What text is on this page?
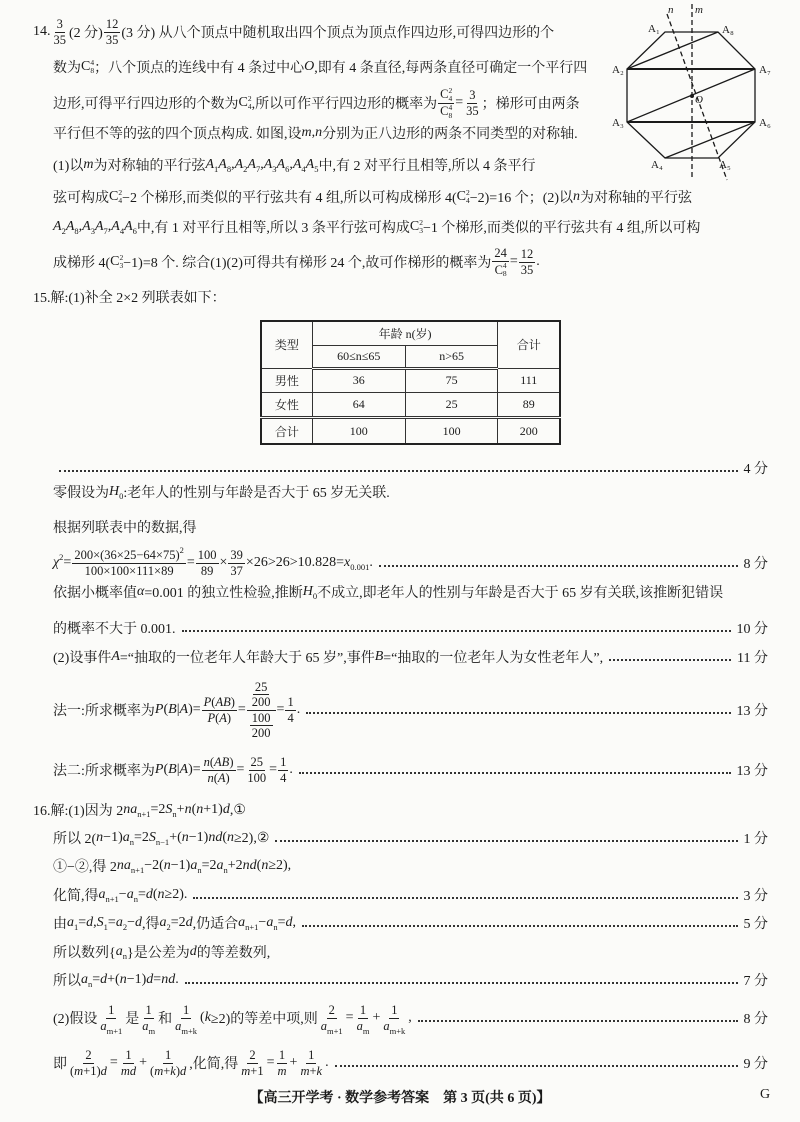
A₁	A₈
A₂	A₇
A₃	A₆
A₄	A₅
O
n m
14. $\frac{3}{35} (2$ 分) $\frac{12}{35} (3$ 分) 从八个顶点中随机取出四个顶点为顶点作四边形,可得四边形的个
数为 C 4
8 ；八个顶点的连线中有 4 条过中心 O ,即有 4 条直径,每两条直径可确定一个平行四
边形,可得平行四边形的个数为 C 2
4 ,所以可作平行四边形的概率为 C 2
4
C 4
$8 = \frac{3}{35}$ ；梯形可由两条
平行但不等的弦的四个顶点构成. 如图,设 m , n 分别为正八边形的两条不同类型的对称轴.
(1)以 m 为对称轴的平行弦 A 1 A 8 , A 2 A 7 , A 3 A 6 , A 4 A 5 中,有 2 对平行且相等,所以 4 条平行
弦可构成 C 2
4 −2 个梯形,而类似的平行弦共有 4 组,所以可构成梯形 4( C 2
4 −2)=16 个；(2)以 n 为对称轴的平行弦
A 2 A 8 , A 3 A 7 , A 4 A 6 中,有 1 对平行且相等,所以 3 条平行弦可构成 C 2
3 −1 个梯形,而类似的平行弦共有 4 组,所以可构
成梯形 4( C 2
3 −1)=8 个. 综合(1)(2)可得共有梯形 24 个,故可作梯形的概率为 24
C 4
$8 = \frac{12}{35}$ .
15.解:(1)补全 2×2 列联表如下：
类型	年龄 n(岁)		合计
	60≤n≤65	n>65	
男性	36	75	111
女性	64	25	89
合计	100	100	200
4 分
零假设为 H 0 :老年人的性别与年龄是否大于 65 岁无关联.
根据列联表中的数据,得
χ $2 = \frac{200\times(36\times 25-64\times 75)^2}{100\times 100\times 111\times 89} = \frac{100}{89} \times \frac{39}{37} \times 26>26>10.828= x$ 0.001 .	8 分
依据小概率值 α =0.001 的独立性检验,推断 H 0 不成立,即老年人的性别与年龄是否大于 65 岁有关联,该推断犯错误
的概率不大于 0.001.	10 分
(2)设事件 A =“抽取的一位老年人年龄大于 65 岁”,事件 B =“抽取的一位老年人为女性老年人”,	11 分
法一:所求概率为 P ( B | A )= $\frac{P(AB)}{P(A)} = \frac{\frac{25}{200}}{\frac{100}{200}} = \frac{1}{4}$ .	13 分
法二:所求概率为 P ( B | A )= $\frac{n(AB)}{n(A)} = \frac{25}{100} = \frac{1}{4}$ .	13 分
16.解:(1)因为 2 n a n+1 =2 S n + n ( n +1) d ,①
所以 2( n −1) a n =2 S n−1 +( n −1) nd ( n ≥2),②	1 分
①−②,得 2 n a n+1 −2( n −1) a n =2 a n +2 nd ( n ≥2),
化简,得 a n+1 − a n = d ( n ≥2).	3 分
由 a 1 = d , S 1 = a 2 − d ,得 a 2 =2 d ,仍适合 a n+1 − a n = d ,	5 分
所以数列{ a n }是公差为 d 的等差数列,
所以 a n = d +( n −1) d = nd .	7 分
(2)假设 $\frac{1}{a_{m+1}}$ 是 $\frac{1}{a_m}$ 和 $\frac{1}{a_{m+k}}$ ( k ≥2)的等差中项,则 $\frac{2}{a_{m+1}} = \frac{1}{a_m} + \frac{1}{a_{m+k}}$ ,	8 分
即 $\frac{2}{(m+1)d} = \frac{1}{md} + \frac{1}{(m+k)d}$ ,化简,得 $\frac{2}{m+1} = \frac{1}{m} + \frac{1}{m+k}$ .	9 分
【高三开学考 · 数学参考答案　第 3 页(共 6 页)】	G
